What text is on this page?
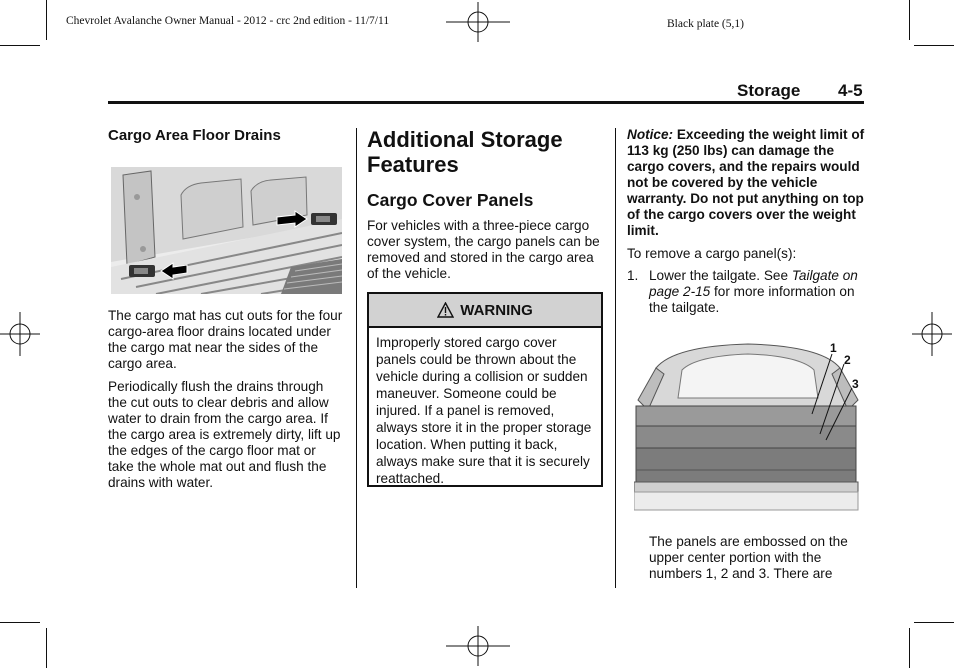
Chevrolet Avalanche Owner Manual - 2012 - crc 2nd edition - 11/7/11	Black plate (5,1)
Storage 4-5
Cargo Area Floor Drains

The cargo mat has cut outs for the four cargo-area floor drains located under the cargo mat near the sides of the cargo area.

Periodically flush the drains through the cut outs to clear debris and allow water to drain from the cargo area. If the cargo area is extremely dirty, lift up the edges of the cargo floor mat or take the whole mat out and flush the drains with water.

Additional Storage Features
Cargo Cover Panels
For vehicles with a three-piece cargo cover system, the cargo panels can be removed and stored in the cargo area of the vehicle.
WARNING
Improperly stored cargo cover panels could be thrown about the vehicle during a collision or sudden maneuver. Someone could be injured. If a panel is removed, always store it in the proper storage location. When putting it back, always make sure that it is securely reattached.
Notice: Exceeding the weight limit of 113 kg (250 lbs) can damage the cargo covers, and the repairs would not be covered by the vehicle warranty. Do not put anything on top of the cargo covers over the weight limit.
To remove a cargo panel(s):
1. Lower the tailgate. See Tailgate on page 2-15 for more information on the tailgate.
1
2
3
The panels are embossed on the upper center portion with the numbers 1, 2 and 3. There are
